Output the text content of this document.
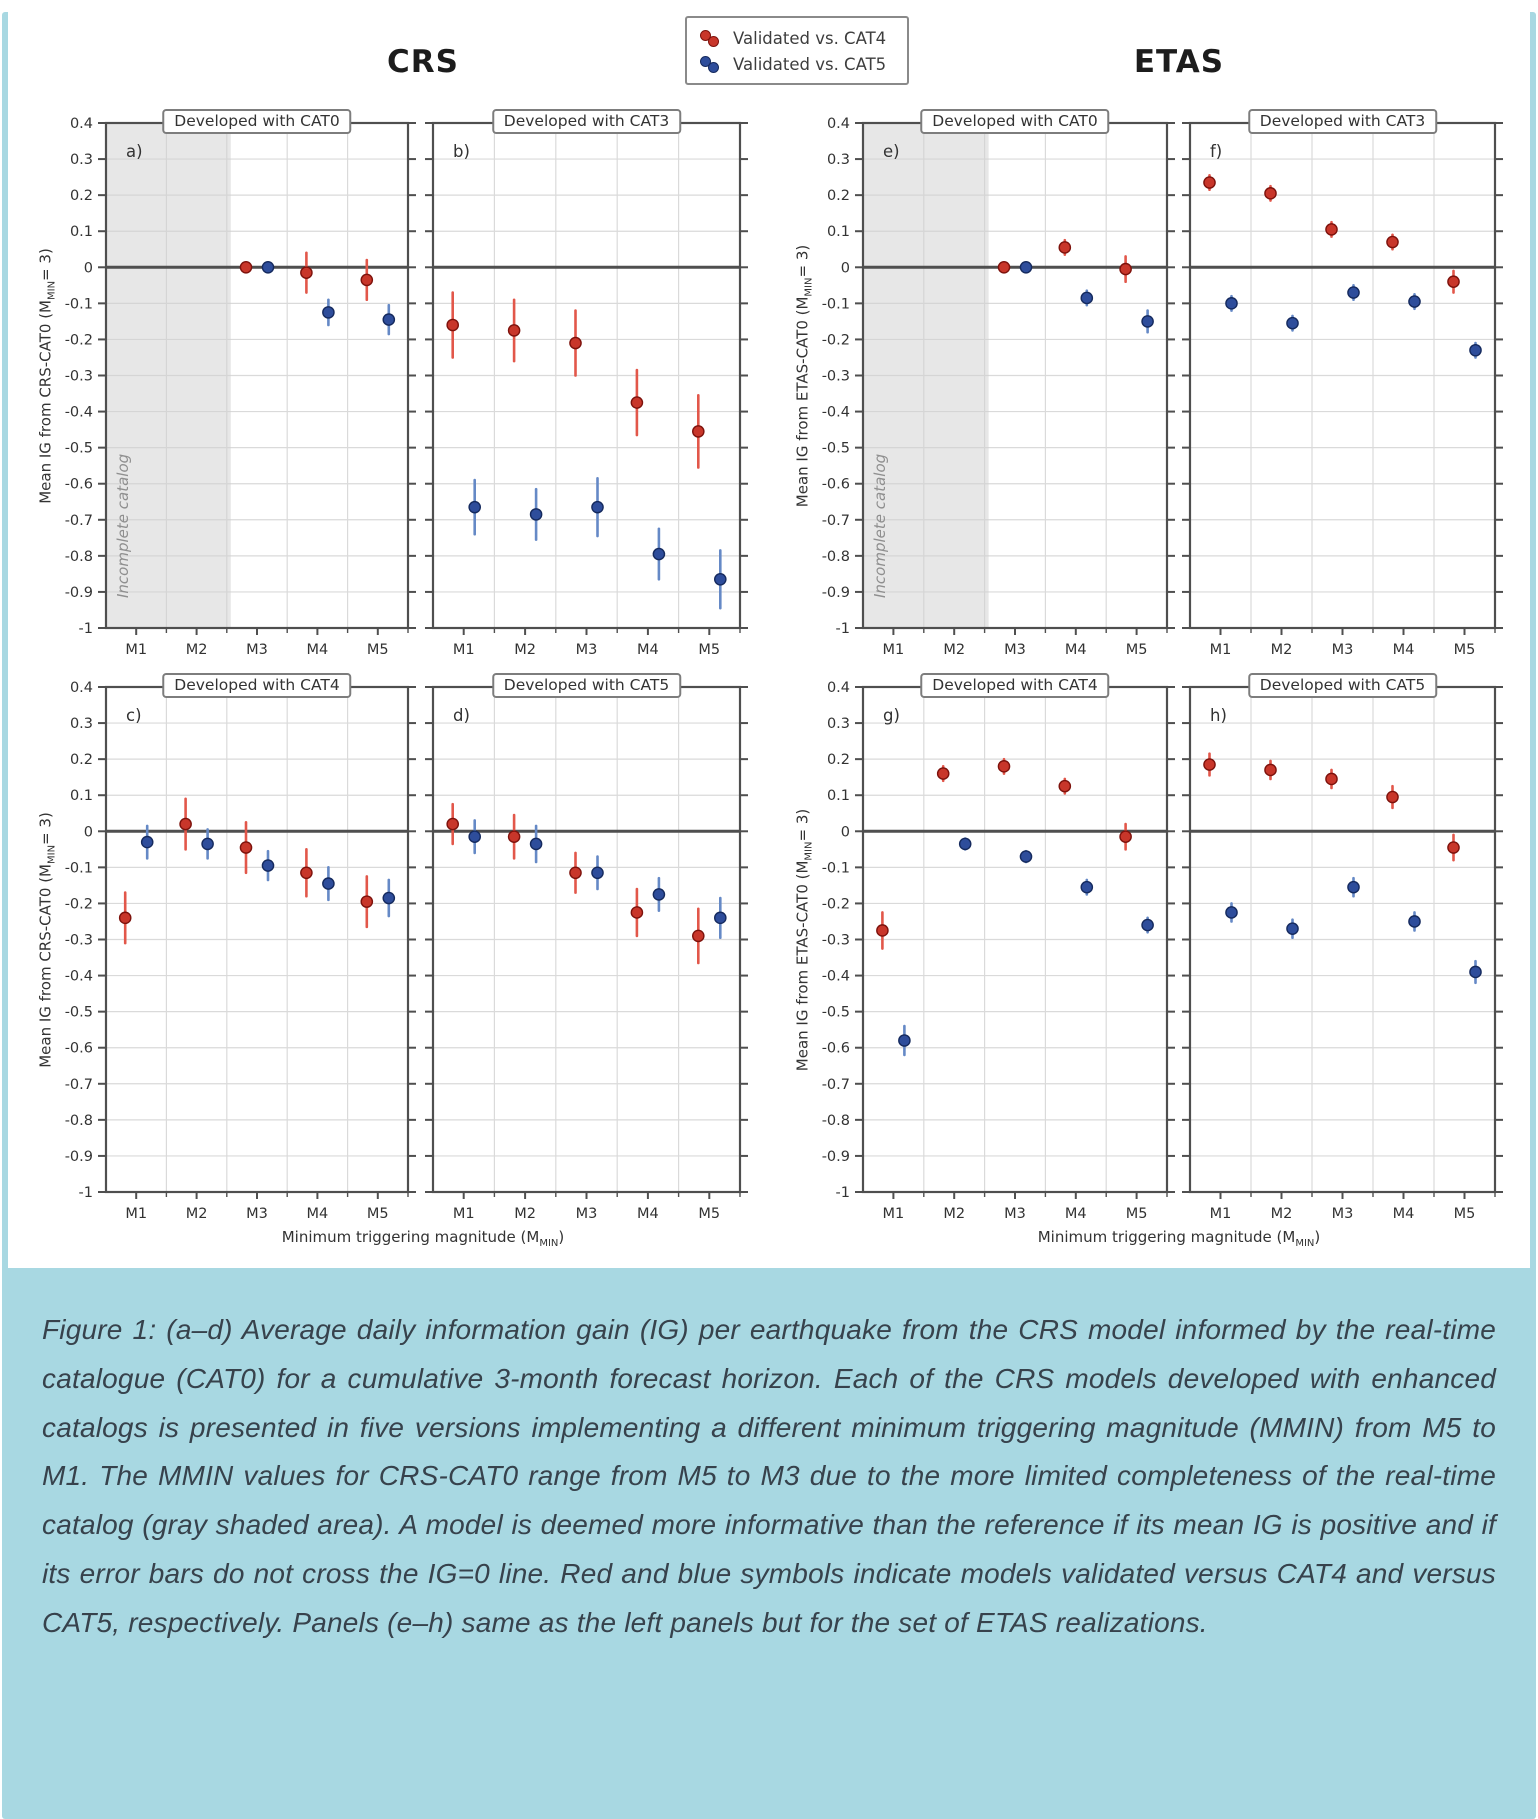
Incomplete catalog
0.4
0.3
0.2
0.1
0
-0.1
-0.2
-0.3
-0.4
-0.5
-0.6
-0.7
-0.8
-0.9
-1
M1	M2	M3	M4	M5
a)
M1	M2	M3	M4	M5
b)
0.4
0.3
0.2
0.1
0
-0.1
-0.2
-0.3
-0.4
-0.5
-0.6
-0.7
-0.8
-0.9
-1
M1	M2	M3	M4	M5
c)
M1	M2	M3	M4	M5
d)
Incomplete catalog
0.4
0.3
0.2
0.1
0
-0.1
-0.2
-0.3
-0.4
-0.5
-0.6
-0.7
-0.8
-0.9
-1
M1	M2	M3	M4	M5
e)
M1	M2	M3	M4	M5
f)
0.4
0.3
0.2
0.1
0
-0.1
-0.2
-0.3
-0.4
-0.5
-0.6
-0.7
-0.8
-0.9
-1
M1	M2	M3	M4	M5
g)
M1	M2	M3	M4	M5
h)
CRS	ETAS
Validated vs. CAT4
Validated vs. CAT5
Developed with CAT0	Developed with CAT3
Developed with CAT4	Developed with CAT5
Developed with CAT0	Developed with CAT3
Developed with CAT4	Developed with CAT5
Mean IG from CRS-CAT0 $(M_{MIN}= 3)$
Mean IG from CRS-CAT0 $(M_{MIN}= 3)$
Mean IG from ETAS-CAT0 $(M_{MIN}= 3)$
Mean IG from ETAS-CAT0 $(M_{MIN}= 3)$
Minimum triggering magnitude $(M_{MIN})$	Minimum triggering magnitude $(M_{MIN})$
Figure 1: (a–d) Average daily information gain (IG) per earthquake from the CRS model informed by the real-time catalogue (CAT0) for a cumulative 3-month forecast horizon. Each of the CRS models developed with enhanced catalogs is presented in five versions implementing a different minimum triggering magnitude (MMIN) from M5 to M1. The MMIN values for CRS-CAT0 range from M5 to M3 due to the more limited completeness of the real-time catalog (gray shaded area). A model is deemed more informative than the reference if its mean IG is positive and if its error bars do not cross the IG=0 line. Red and blue symbols indicate models validated versus CAT4 and versus CAT5, respectively. Panels (e–h) same as the left panels but for the set of ETAS realizations.
